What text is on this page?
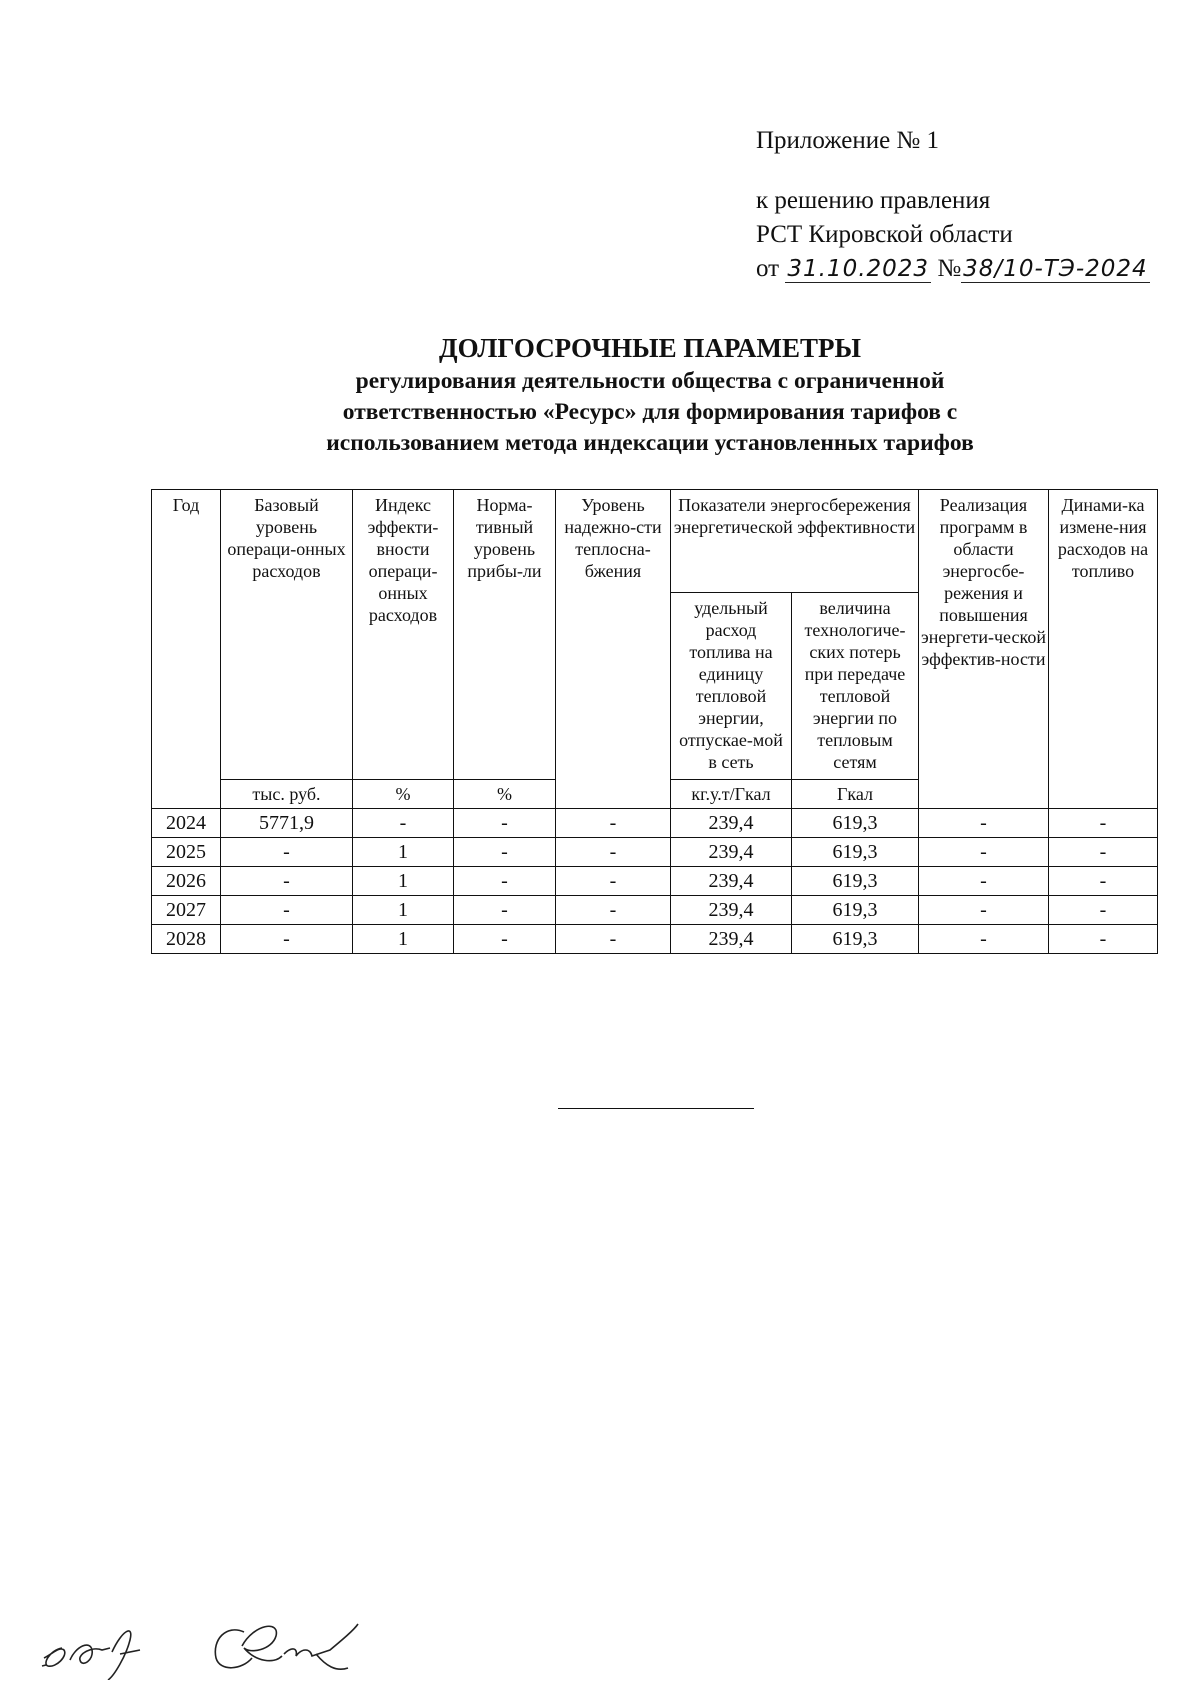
Приложение № 1
к решению правления
РСТ Кировской области
от 31.10.2023 №38/10-ТЭ-2024
ДОЛГОСРОЧНЫЕ ПАРАМЕТРЫ
регулирования деятельности общества с ограниченной
ответственностью «Ресурс» для формирования тарифов с
использованием метода индексации установленных тарифов
Год	Базовый уровень операци-онных расходов	Индекс эффекти-вности операци-онных расходов	Норма-тивный уровень прибы-ли	Уровень надежно-сти теплосна-бжения	Показатели энергосбережения энергетической эффективности		Реализация программ в области энергосбе-режения и повышения энергети-ческой эффектив-ности	Динами-ка измене-ния расходов на топливо
					удельный расход топлива на единицу тепловой энергии, отпускае-мой в сеть	величина технологиче-ских потерь при передаче тепловой энергии по тепловым сетям		
	тыс. руб.	%	%		кг.у.т/Гкал	Гкал		
2024	5771,9	-	-	-	239,4	619,3	-	-
2025	-	1	-	-	239,4	619,3	-	-
2026	-	1	-	-	239,4	619,3	-	-
2027	-	1	-	-	239,4	619,3	-	-
2028	-	1	-	-	239,4	619,3	-	-
